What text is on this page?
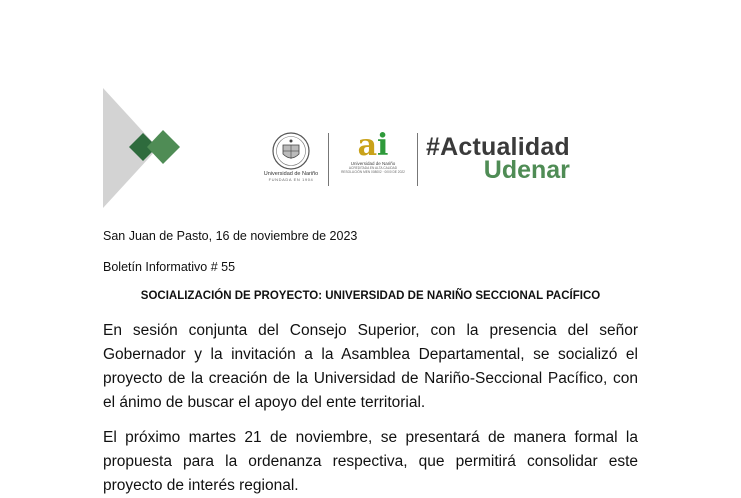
Universidad de Nariño
FUNDADA EN 1904
ai
Universidad de Nariño
ACREDITADA EN ALTA CALIDAD
RESOLUCIÓN MEN 008002 · 0/0/0 DE 2022
#Actualidad
Udenar
San Juan de Pasto, 16 de noviembre de 2023
Boletín Informativo # 55
SOCIALIZACIÓN DE PROYECTO: UNIVERSIDAD DE NARIÑO SECCIONAL PACÍFICO

En sesión conjunta del Consejo Superior, con la presencia del señor Gobernador y la invitación a la Asamblea Departamental, se socializó el proyecto de la creación de la Universidad de Nariño-Seccional Pacífico, con el ánimo de buscar el apoyo del ente territorial.

El próximo martes 21 de noviembre, se presentará de manera formal la propuesta para la ordenanza respectiva, que permitirá consolidar este proyecto de interés regional.
